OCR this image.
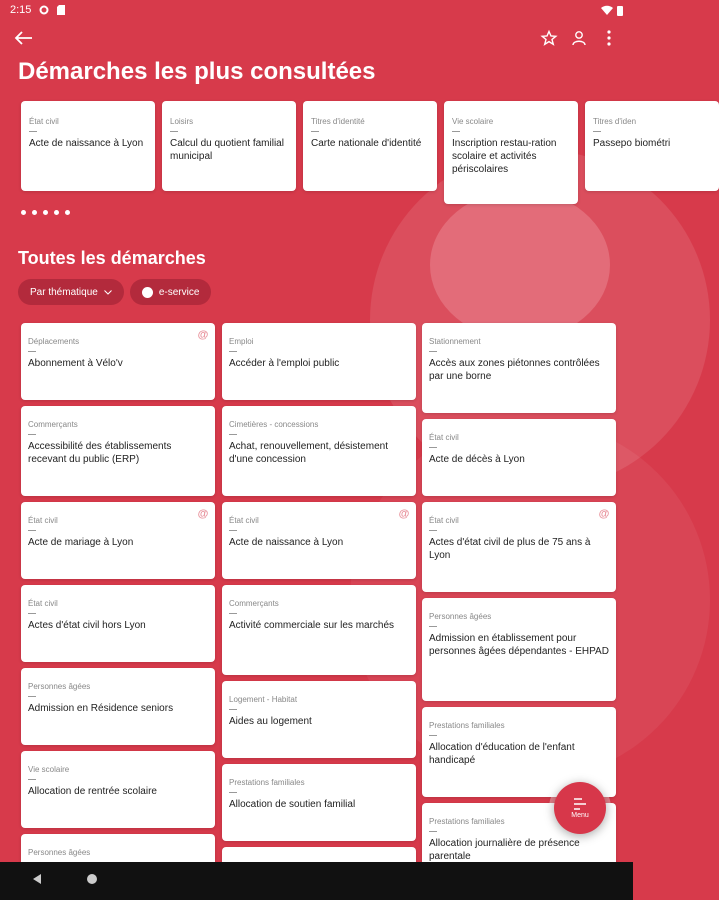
2:15
Démarches les plus consultées
État civil
Acte de naissance à Lyon
Loisirs
Calcul du quotient familial municipal
Titres d'identité
Carte nationale d'identité
Vie scolaire
Inscription restau-ration scolaire et activités périscolaires
Titres d'iden
Passepo biométri
Toutes les démarches
Par thématique	e-service
@
Déplacements
Abonnement à Vélo'v
Commerçants
Accessibilité des établissements recevant du public (ERP)
@
État civil
Acte de mariage à Lyon
État civil
Actes d'état civil hors Lyon
Personnes âgées
Admission en Résidence seniors
Vie scolaire
Allocation de rentrée scolaire
Personnes âgées
Emploi
Accéder à l'emploi public
Cimetières - concessions
Achat, renouvellement, désistement d'une concession
@
État civil
Acte de naissance à Lyon
Commerçants
Activité commerciale sur les marchés
Logement - Habitat
Aides au logement
Prestations familiales
Allocation de soutien familial
Stationnement
Accès aux zones piétonnes contrôlées par une borne
État civil
Acte de décès à Lyon
@
État civil
Actes d'état civil de plus de 75 ans à Lyon
Personnes âgées
Admission en établissement pour personnes âgées dépendantes - EHPAD
Prestations familiales
Allocation d'éducation de l'enfant handicapé
Prestations familiales
Allocation journalière de présence parentale
Menu
